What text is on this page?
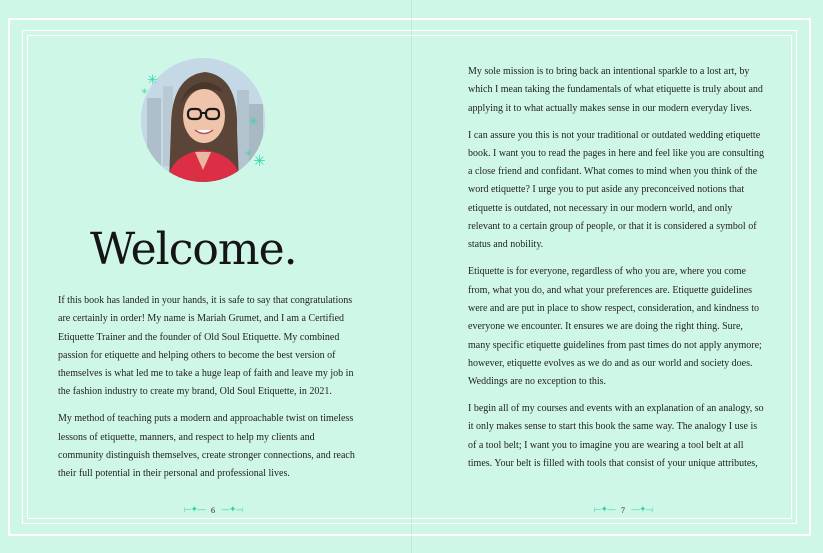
✳
✳
✳
✳ ✳
Welcome.

If this book has landed in your hands, it is safe to say that congratulations are certainly in order! My name is Mariah Grumet, and I am a Certified Etiquette Trainer and the founder of Old Soul Etiquette. My combined passion for etiquette and helping others to become the best version of themselves is what led me to take a huge leap of faith and leave my job in the fashion industry to create my brand, Old Soul Etiquette, in 2021.

My method of teaching puts a modern and approachable twist on timeless lessons of etiquette, manners, and respect to help my clients and community distinguish themselves, create stronger connections, and reach their full potential in their personal and professional lives.

My sole mission is to bring back an intentional sparkle to a lost art, by which I mean taking the fundamentals of what etiquette is truly about and applying it to what actually makes sense in our modern everyday lives.

I can assure you this is not your traditional or outdated wedding etiquette book. I want you to read the pages in here and feel like you are consulting a close friend and confidant. What comes to mind when you think of the word etiquette? I urge you to put aside any preconceived notions that etiquette is outdated, not necessary in our modern world, and only relevant to a certain group of people, or that it is considered a symbol of status and nobility.

Etiquette is for everyone, regardless of who you are, where you come from, what you do, and what your preferences are. Etiquette guidelines were and are put in place to show respect, consideration, and kindness to everyone we encounter. It ensures we are doing the right thing. Sure, many specific etiquette guidelines from past times do not apply anymore; however, etiquette evolves as we do and as our world and society does. Weddings are no exception to this.

I begin all of my courses and events with an explanation of an analogy, so it only makes sense to start this book the same way. The analogy I use is of a tool belt; I want you to imagine you are wearing a tool belt at all times. Your belt is filled with tools that consist of your unique attributes,

⟝✦— 6 —✦⟞	⟝✦— 7 —✦⟞
